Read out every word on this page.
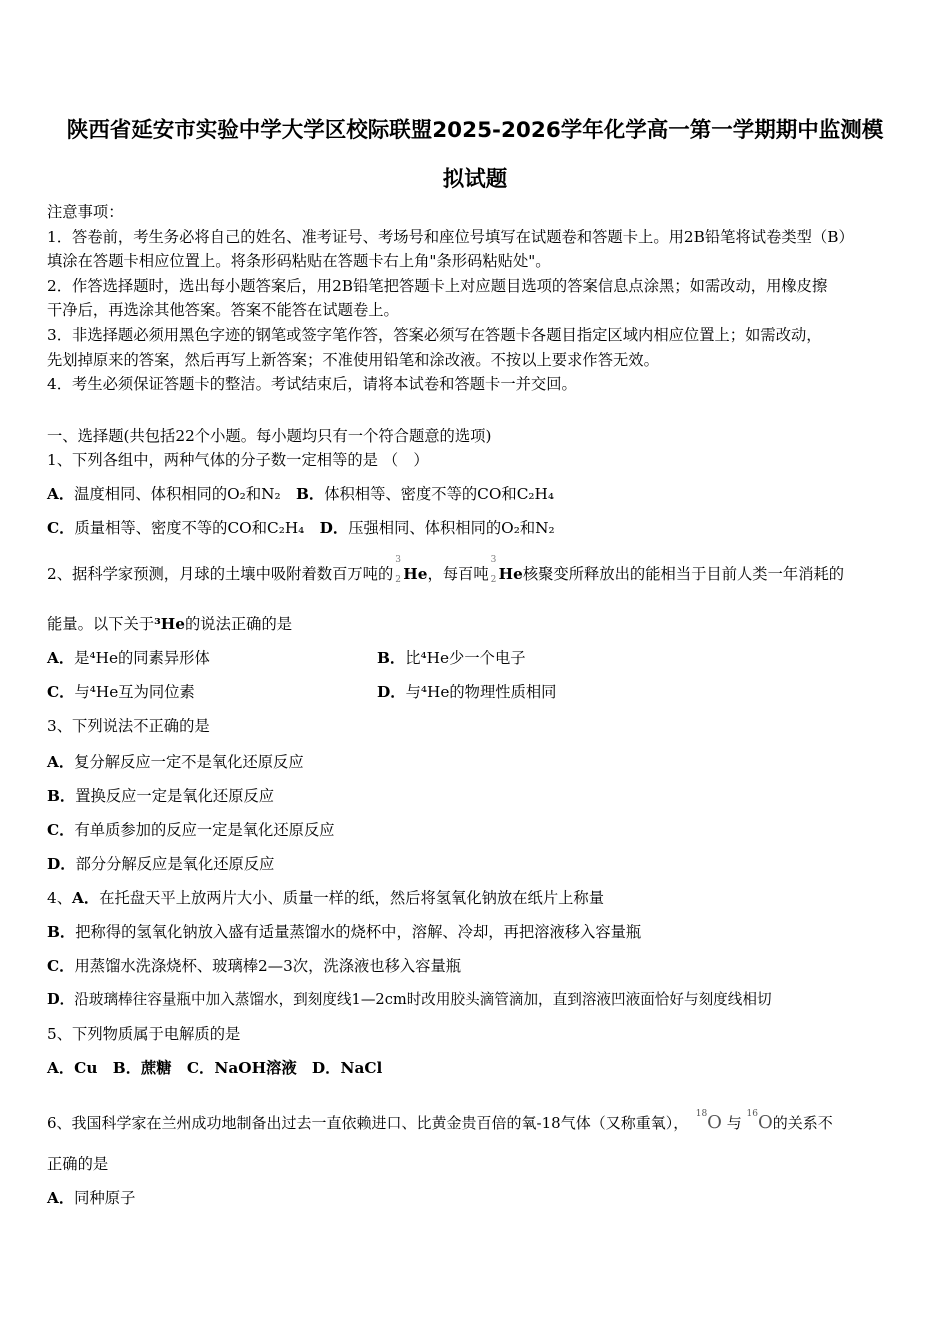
陕西省延安市实验中学大学区校际联盟2025-2026学年化学高一第一学期期中监测模
拟试题
注意事项：
1．答卷前，考生务必将自己的姓名、准考证号、考场号和座位号填写在试题卷和答题卡上。用2B铅笔将试卷类型（B）
填涂在答题卡相应位置上。将条形码粘贴在答题卡右上角"条形码粘贴处"。
2．作答选择题时，选出每小题答案后，用2B铅笔把答题卡上对应题目选项的答案信息点涂黑；如需改动，用橡皮擦
干净后，再选涂其他答案。答案不能答在试题卷上。
3．非选择题必须用黑色字迹的钢笔或签字笔作答，答案必须写在答题卡各题目指定区域内相应位置上；如需改动，
先划掉原来的答案，然后再写上新答案；不准使用铅笔和涂改液。不按以上要求作答无效。
4．考生必须保证答题卡的整洁。考试结束后，请将本试卷和答题卡一并交回。
一、选择题(共包括22个小题。每小题均只有一个符合题意的选项)
1、下列各组中，两种气体的分子数一定相等的是 （　）
A．温度相同、体积相同的O₂和N₂　 B．体积相等、密度不等的CO和C₂H₄
C．质量相等、密度不等的CO和C₂H₄　 D．压强相同、体积相同的O₂和N₂
2、据科学家预测，月球的土壤中吸附着数百万吨的
3
2 He，每百吨
3
2 He核聚变所释放出的能相当于目前人类一年消耗的
能量。以下关于³He的说法正确的是
A．是⁴He的同素异形体	B．比⁴He少一个电子
C．与⁴He互为同位素	D．与⁴He的物理性质相同
3、下列说法不正确的是
A．复分解反应一定不是氧化还原反应
B．置换反应一定是氧化还原反应
C．有单质参加的反应一定是氧化还原反应
D．部分分解反应是氧化还原反应
4、A．在托盘天平上放两片大小、质量一样的纸，然后将氢氧化钠放在纸片上称量
B．把称得的氢氧化钠放入盛有适量蒸馏水的烧杯中，溶解、冷却，再把溶液移入容量瓶
C．用蒸馏水洗涤烧杯、玻璃棒2—3次，洗涤液也移入容量瓶
D．沿玻璃棒往容量瓶中加入蒸馏水，到刻度线1—2cm时改用胶头滴管滴加，直到溶液凹液面恰好与刻度线相切
5、下列物质属于电解质的是
A．Cu　B．蔗糖　C．NaOH溶液　D．NaCl
6、我国科学家在兰州成功地制备出过去一直依赖进口、比黄金贵百倍的氧-18气体（又称重氧），　 $^{18}$O 与 $^{16}$O的关系不
正确的是
A．同种原子
